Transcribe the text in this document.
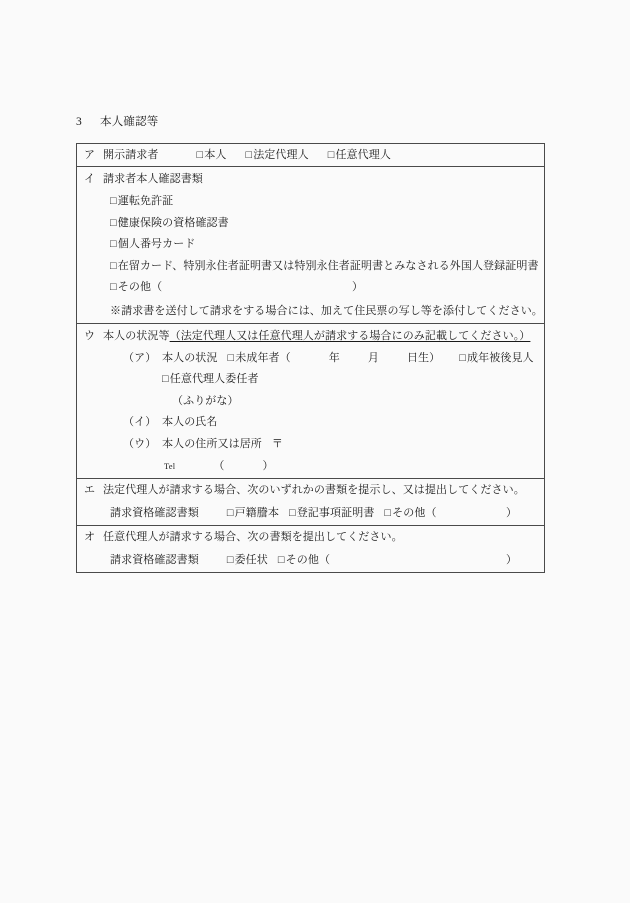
3 本人確認等
ア 開示請求者	□ 本人 □ 法定代理人 □ 任意代理人
イ 請求者本人確認書類
□ 運転免許証
□ 健康保険の資格確認書
□ 個人番号カード
□ 在留カード、特別永住者証明書又は特別永住者証明書とみなされる外国人登録証明書
□ その他（	）
※請求書を送付して請求をする場合には、加えて住民票の写し等を添付してください。
ウ 本人の状況等（法定代理人又は任意代理人が請求する場合にのみ記載してください。）
（ア） 本人の状況 □ 未成年者（	年	月	日生） □ 成年被後見人
□ 任意代理人委任者
（ふりがな）
（イ） 本人の氏名
（ウ） 本人の住所又は居所 〒
Tel	（	）
エ 法定代理人が請求する場合、次のいずれかの書類を提示し、又は提出してください。
請求資格確認書類	□ 戸籍謄本 □ 登記事項証明書 □ その他（	）
オ 任意代理人が請求する場合、次の書類を提出してください。
請求資格確認書類	□ 委任状 □ その他（	）
